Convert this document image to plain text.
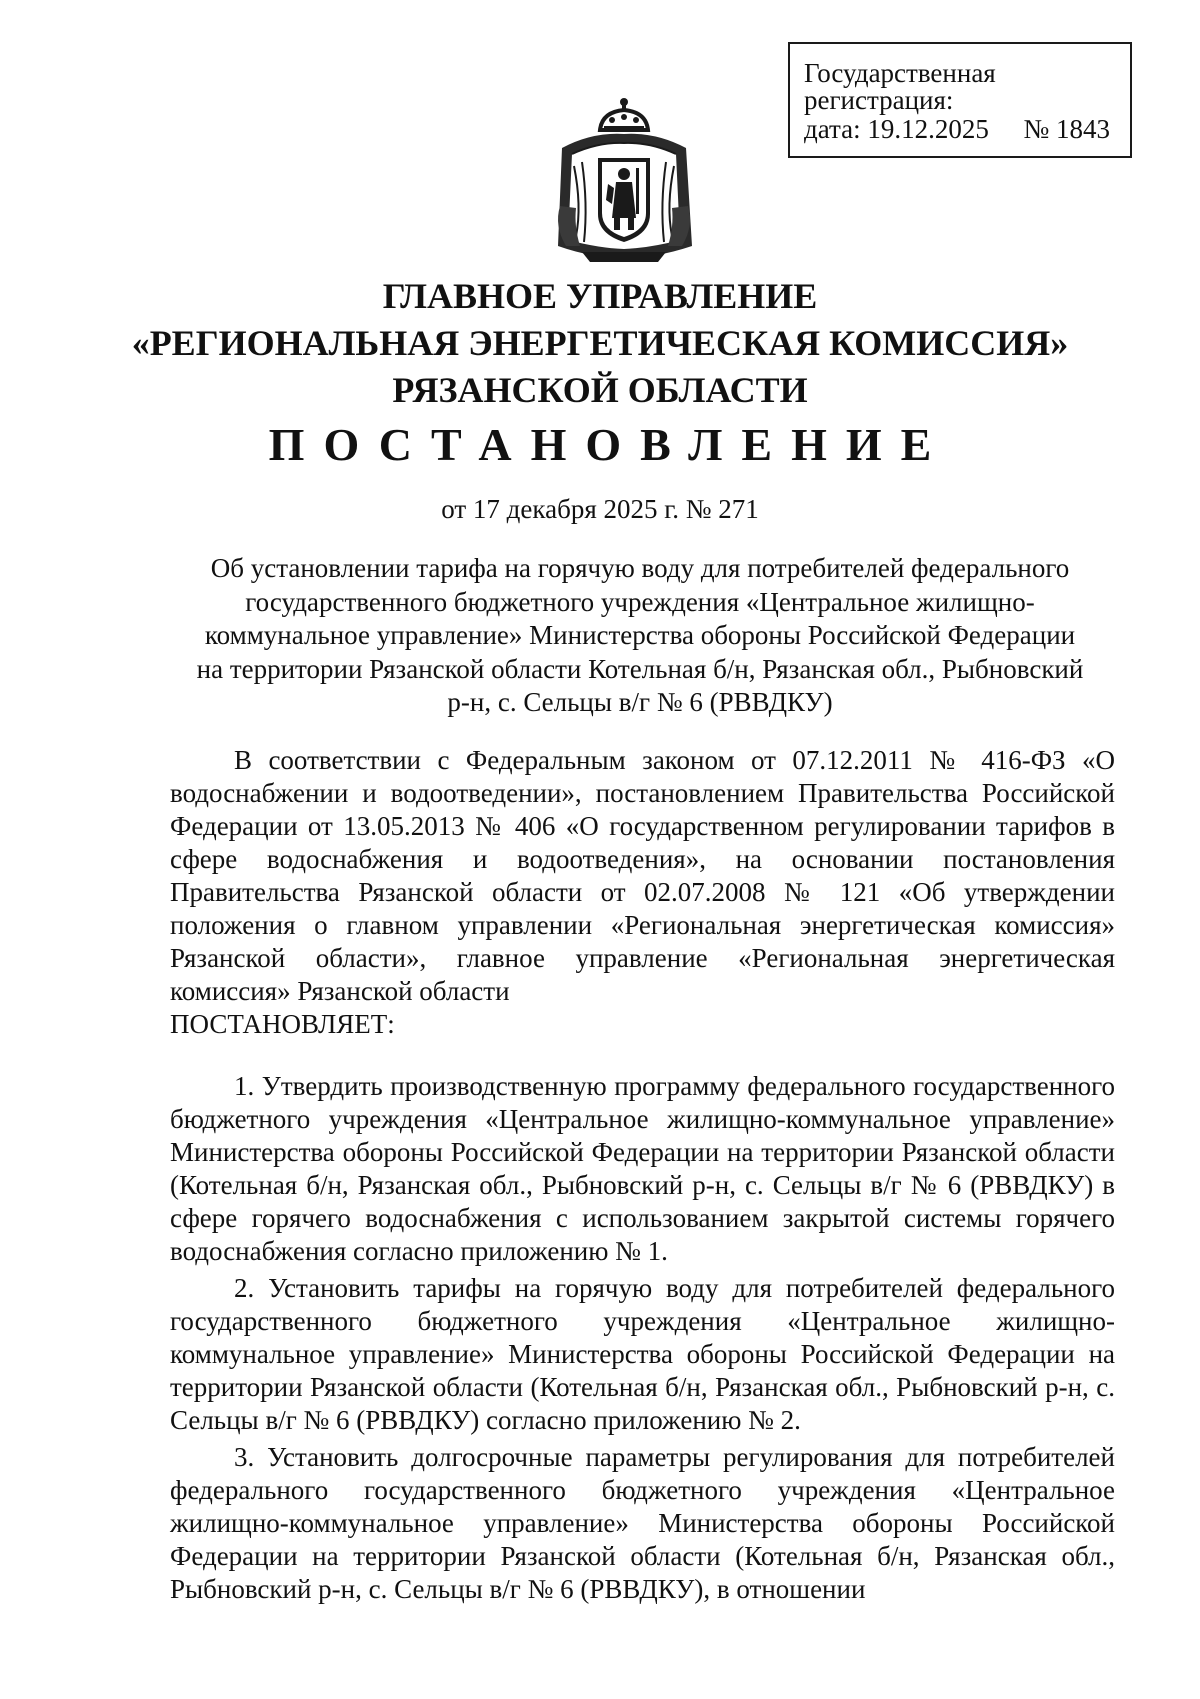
Государственная регистрация:
дата: 19.12.2025 № 1843
ГЛАВНОЕ УПРАВЛЕНИЕ
«РЕГИОНАЛЬНАЯ ЭНЕРГЕТИЧЕСКАЯ КОМИССИЯ»
РЯЗАНСКОЙ ОБЛАСТИ
ПОСТАНОВЛЕНИЕ
от 17 декабря 2025 г. № 271
Об установлении тарифа на горячую воду для потребителей федерального
государственного бюджетного учреждения «Центральное жилищно-
коммунальное управление» Министерства обороны Российской Федерации
на территории Рязанской области Котельная б/н, Рязанская обл., Рыбновский
р-н, с. Сельцы в/г № 6 (РВВДКУ)

В соответствии с Федеральным законом от 07.12.2011 № 416-ФЗ «О водоснабжении и водоотведении», постановлением Правительства Российской Федерации от 13.05.2013 № 406 «О государственном регулировании тарифов в сфере водоснабжения и водоотведения», на основании постановления Правительства Рязанской области от 02.07.2008 № 121 «Об утверждении положения о главном управлении «Региональная энергетическая комиссия» Рязанской области», главное управление «Региональная энергетическая комиссия» Рязанской области

ПОСТАНОВЛЯЕТ:

1. Утвердить производственную программу федерального государственного бюджетного учреждения «Центральное жилищно-коммунальное управление» Министерства обороны Российской Федерации на территории Рязанской области (Котельная б/н, Рязанская обл., Рыбновский р-н, с. Сельцы в/г № 6 (РВВДКУ) в сфере горячего водоснабжения с использованием закрытой системы горячего водоснабжения согласно приложению № 1.

2. Установить тарифы на горячую воду для потребителей федерального государственного бюджетного учреждения «Центральное жилищно-коммунальное управление» Министерства обороны Российской Федерации на территории Рязанской области (Котельная б/н, Рязанская обл., Рыбновский р-н, с. Сельцы в/г № 6 (РВВДКУ) согласно приложению № 2.

3. Установить долгосрочные параметры регулирования для потребителей федерального государственного бюджетного учреждения «Центральное жилищно-коммунальное управление» Министерства обороны Российской Федерации на территории Рязанской области (Котельная б/н, Рязанская обл., Рыбновский р-н, с. Сельцы в/г № 6 (РВВДКУ), в отношении
